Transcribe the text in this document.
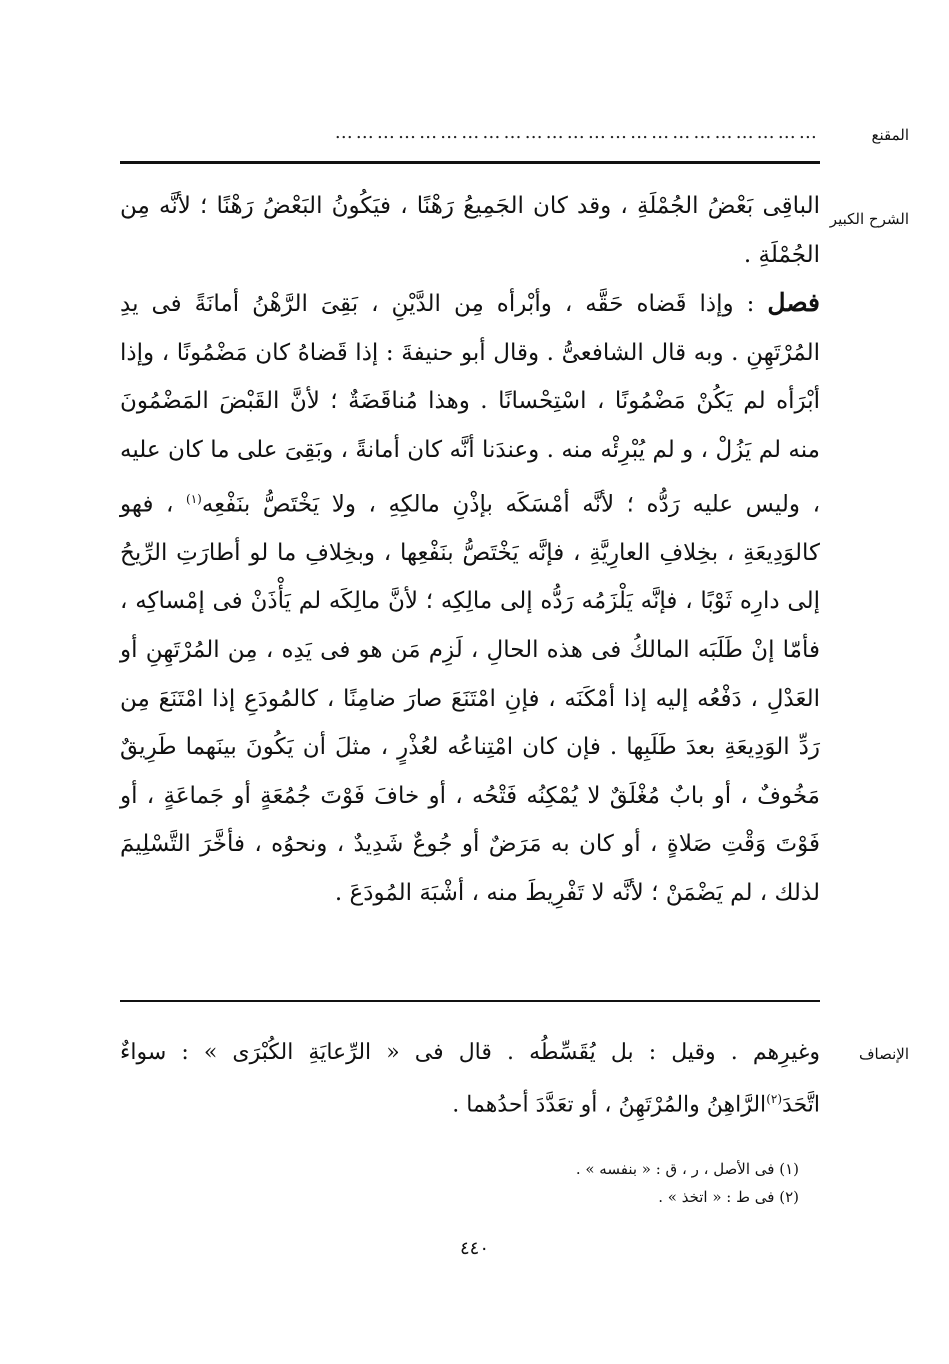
المقنع
……………………………………………………………
الشرح الكبير

الباقِى بَعْضُ الجُمْلَةِ ، وقد كان الجَمِيعُ رَهْنًا ، فيَكُونُ البَعْضُ رَهْنًا ؛ لأنَّه مِن الجُمْلَةِ .

فصل : وإذا قَضاه حَقَّه ، وأبْرأه مِن الدَّيْنِ ، بَقِىَ الرَّهْنُ أمانَةً فى يدِ المُرْتَهِنِ . وبه قال الشافعىُّ . وقال أبو حنيفةَ : إذا قَضاهُ كان مَضْمُونًا ، وإذا أبْرَأه لم يَكُنْ مَضْمُونًا ، اسْتِحْسانًا . وهذا مُناقَضَةٌ ؛ لأنَّ القَبْضَ المَضْمُونَ منه لم يَزُلْ ، و لم يُبْرِئْه منه . وعندَنا أنَّه كان أمانةً ، وبَقِىَ على ما كان عليه ، وليس عليه رَدُّه ؛ لأنَّه أمْسَكَه بإذْنِ مالكِهِ ، ولا يَخْتَصُّ بنَفْعِه$^{(١)}$ ، فهو كالوَدِيعَةِ ، بخِلافِ العارِيَّةِ ، فإنَّه يَخْتَصُّ بنَفْعِها ، وبخِلافِ ما لو أطارَتِ الرِّيحُ إلى دارِه ثَوْبًا ، فإنَّه يَلْزَمُه رَدُّه إلى مالِكِه ؛ لأنَّ مالِكَه لم يَأْذَنْ فى إمْساكِه ، فأمّا إنْ طَلَبَه المالكُ فى هذه الحالِ ، لَزِم مَن هو فى يَدِه ، مِن المُرْتَهِنِ أو العَدْلِ ، دَفْعُه إليه إذا أمْكَنَه ، فإنِ امْتَنَعَ صارَ ضامِنًا ، كالمُودَعِ إذا امْتَنَعَ مِن رَدِّ الوَدِيعَةِ بعدَ طَلَبِها . فإن كان امْتِناعُه لعُذْرٍ ، مثلَ أن يَكُونَ بينَهما طَرِيقٌ مَخُوفٌ ، أو بابٌ مُغْلَقٌ لا يُمْكِنُه فَتْحُه ، أو خافَ فَوْتَ جُمُعَةٍ أو جَماعَةٍ ، أو فَوْتَ وَقْتِ صَلاةٍ ، أو كان به مَرَضٌ أو جُوعٌ شَدِيدٌ ، ونحوُه ، فأخَّرَ التَّسْلِيمَ لذلك ، لم يَضْمَنْ ؛ لأنَّه لا تَفْرِيطَ منه ، أشْبَهَ المُودَعَ .

الإنصاف
وغيرِهم . وقيل : بل يُقَسِّطُه . قال فى « الرِّعايَةِ الكُبْرَى » : سواءٌ اتَّحَدَ$^{(٢)}$الرَّاهِنُ والمُرْتَهِنُ ، أو تعَدَّدَ أحدُهما .
(١) فى الأصل ، ر ، ق : « بنفسه » .
(٢) فى ط : « اتخذ » .
٤٤٠
